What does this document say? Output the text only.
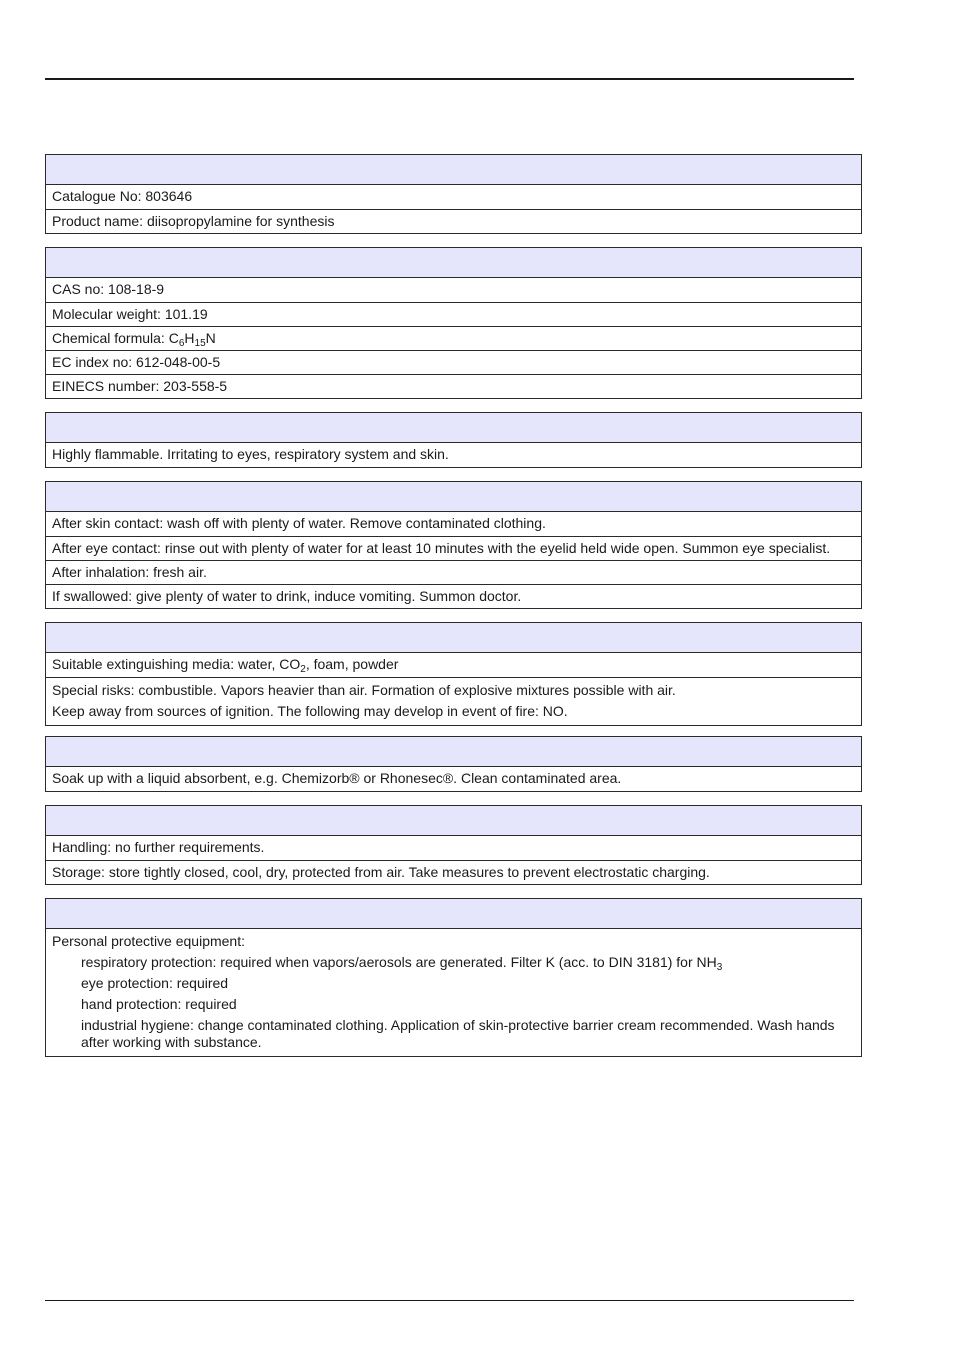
Catalogue No: 803646
Product name: diisopropylamine for synthesis
CAS no: 108-18-9
Molecular weight: 101.19
Chemical formula: $C_6H_{15}N$
EC index no: 612-048-00-5
EINECS number: 203-558-5
Highly flammable. Irritating to eyes, respiratory system and skin.
After skin contact: wash off with plenty of water. Remove contaminated clothing.
After eye contact: rinse out with plenty of water for at least 10 minutes with the eyelid held wide open. Summon eye specialist.
After inhalation: fresh air.
If swallowed: give plenty of water to drink, induce vomiting. Summon doctor.
Suitable extinguishing media: water, $CO_2$, foam, powder
Special risks: combustible. Vapors heavier than air. Formation of explosive mixtures possible with air.
Keep away from sources of ignition. The following may develop in event of fire: NO.
Soak up with a liquid absorbent, e.g. Chemizorb® or Rhonesec®. Clean contaminated area.
Handling: no further requirements.
Storage: store tightly closed, cool, dry, protected from air. Take measures to prevent electrostatic charging.
Personal protective equipment:
respiratory protection: required when vapors/aerosols are generated. Filter K (acc. to DIN 3181) for $NH_3$
eye protection: required
hand protection: required
industrial hygiene: change contaminated clothing. Application of skin-protective barrier cream recommended. Wash hands after working with substance.
